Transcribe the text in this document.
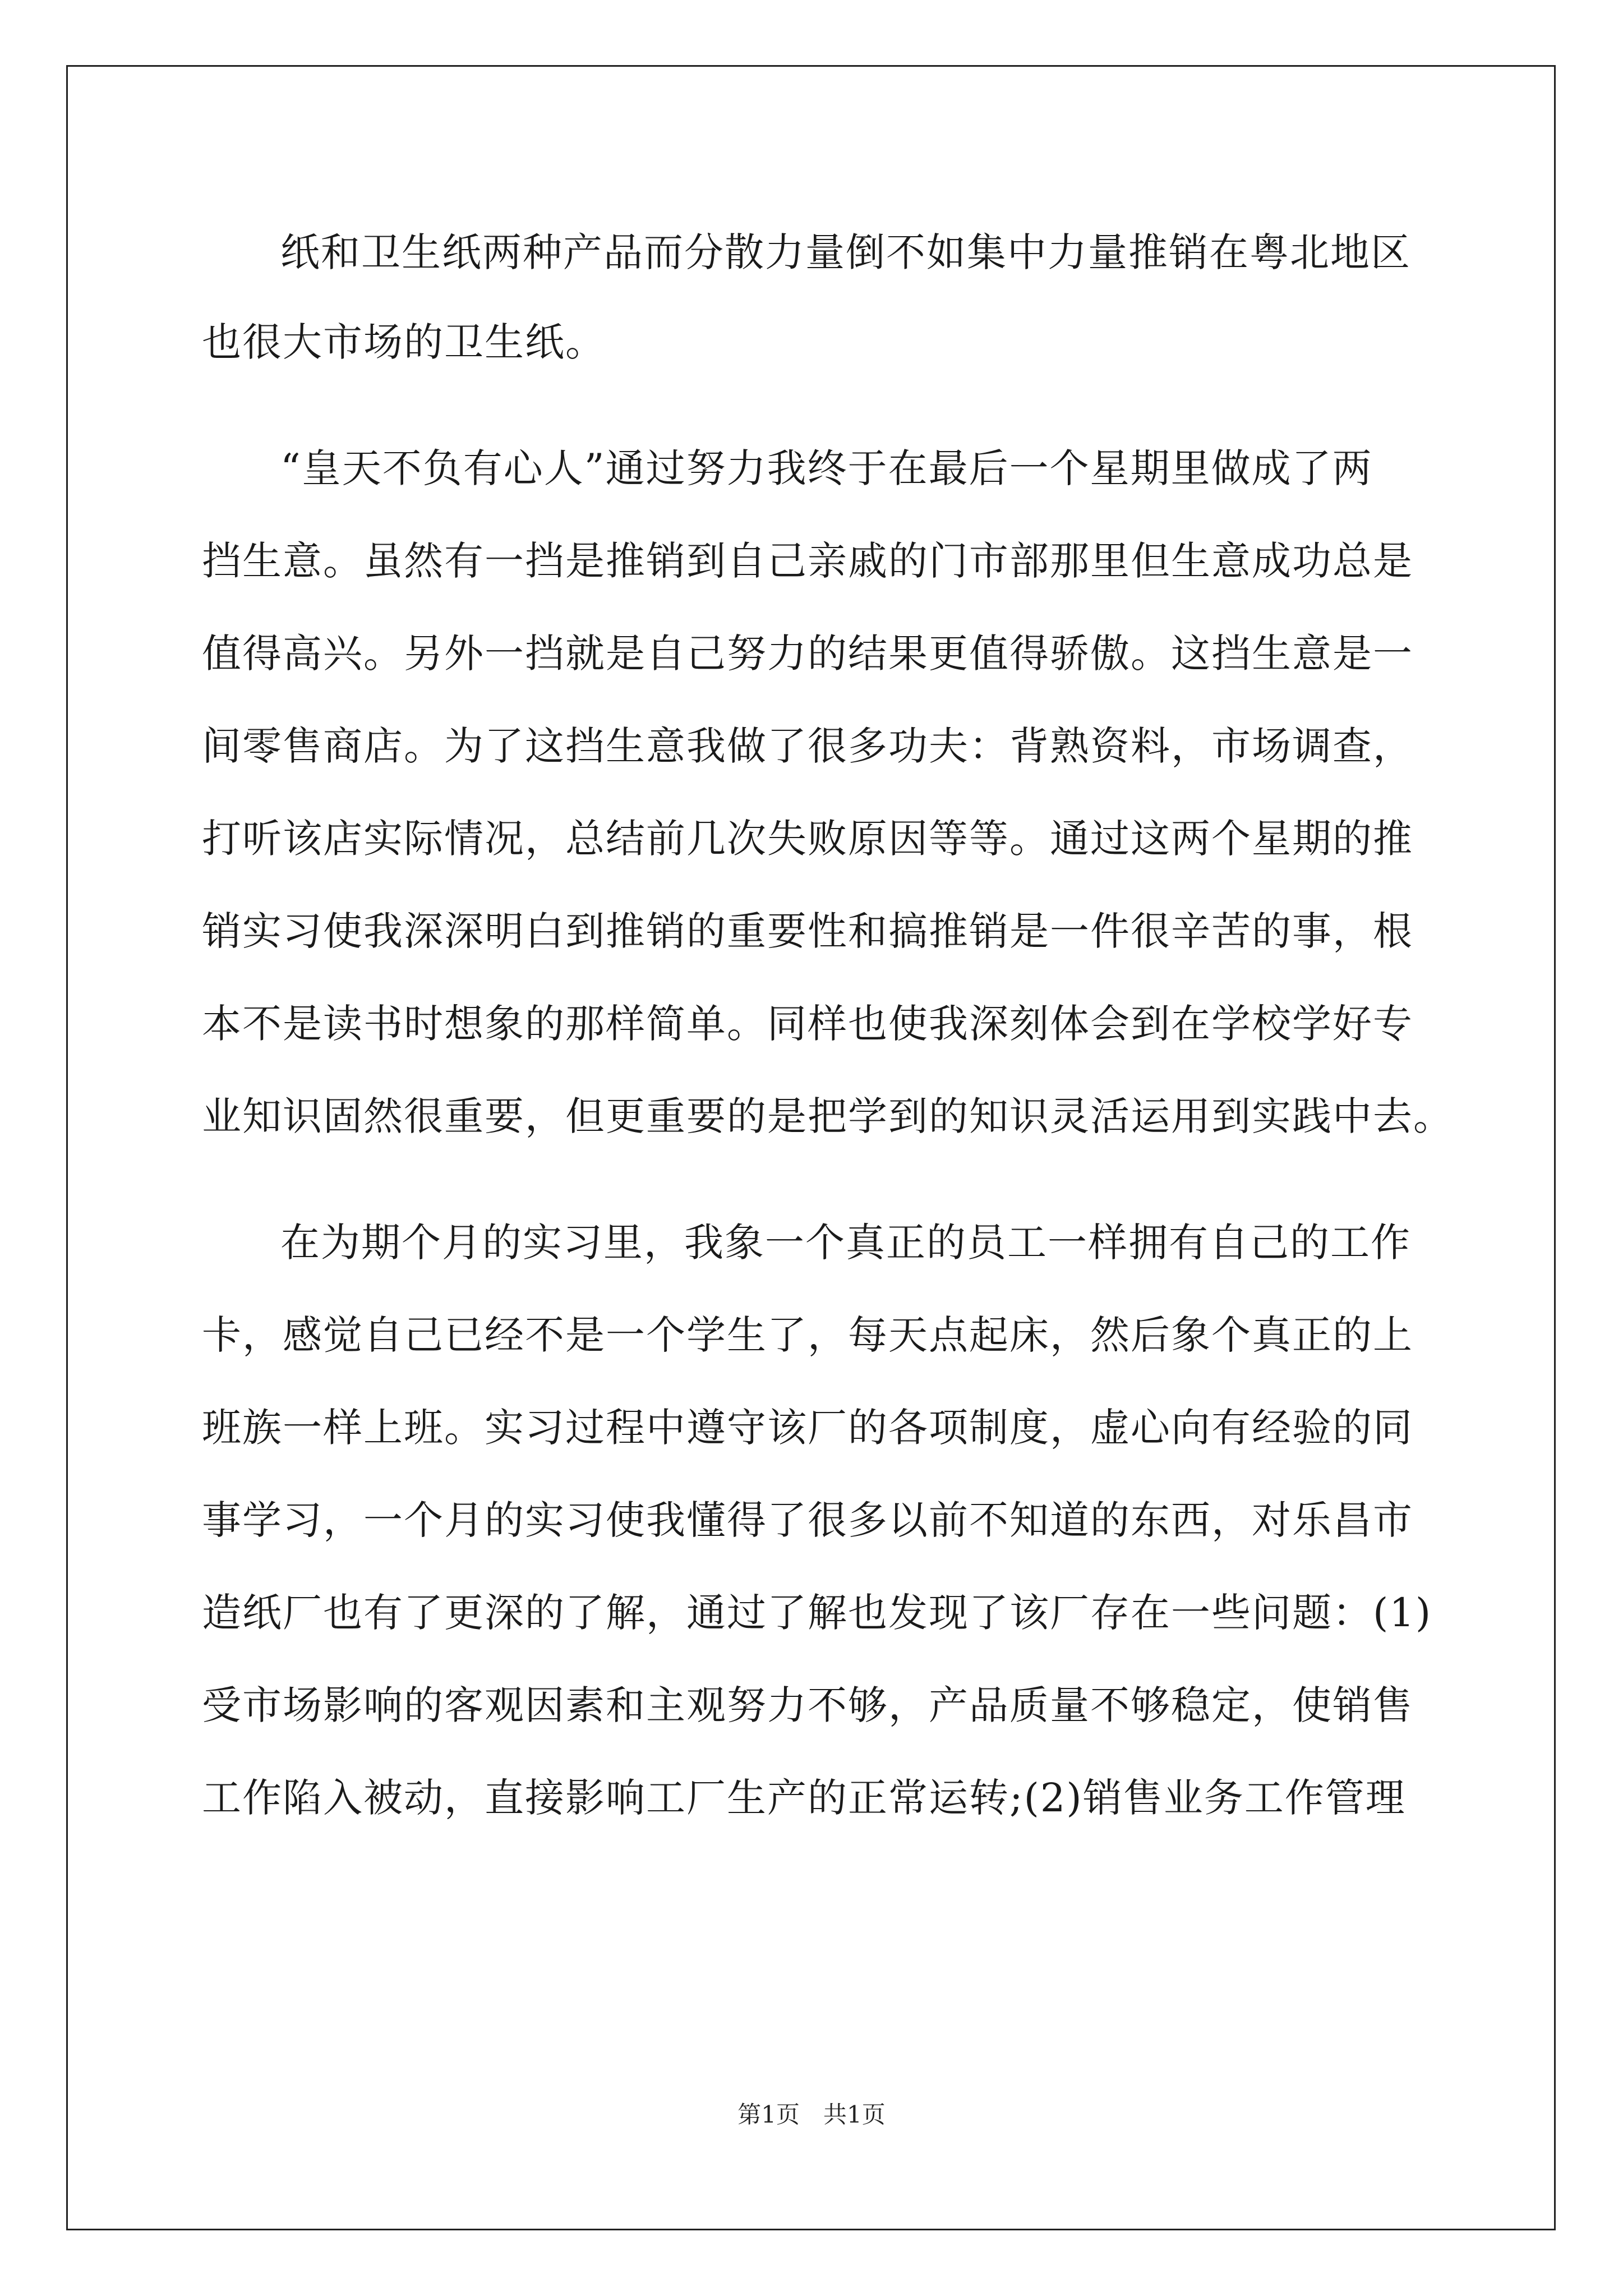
纸和卫生纸两种产品而分散力量倒不如集中力量推销在粤北地区
也很大市场的卫生纸。
“皇天不负有心人”通过努力我终于在最后一个星期里做成了两
挡生意。虽然有一挡是推销到自己亲戚的门市部那里但生意成功总是
值得高兴。另外一挡就是自己努力的结果更值得骄傲。这挡生意是一
间零售商店。为了这挡生意我做了很多功夫：背熟资料，市场调查，
打听该店实际情况，总结前几次失败原因等等。通过这两个星期的推
销实习使我深深明白到推销的重要性和搞推销是一件很辛苦的事，根
本不是读书时想象的那样简单。同样也使我深刻体会到在学校学好专
业知识固然很重要，但更重要的是把学到的知识灵活运用到实践中去。
在为期个月的实习里，我象一个真正的员工一样拥有自己的工作
卡，感觉自己已经不是一个学生了，每天点起床，然后象个真正的上
班族一样上班。实习过程中遵守该厂的各项制度，虚心向有经验的同
事学习，一个月的实习使我懂得了很多以前不知道的东西，对乐昌市
造纸厂也有了更深的了解，通过了解也发现了该厂存在一些问题：(1)
受市场影响的客观因素和主观努力不够，产品质量不够稳定，使销售
工作陷入被动，直接影响工厂生产的正常运转;(2)销售业务工作管理
第1页　共1页
